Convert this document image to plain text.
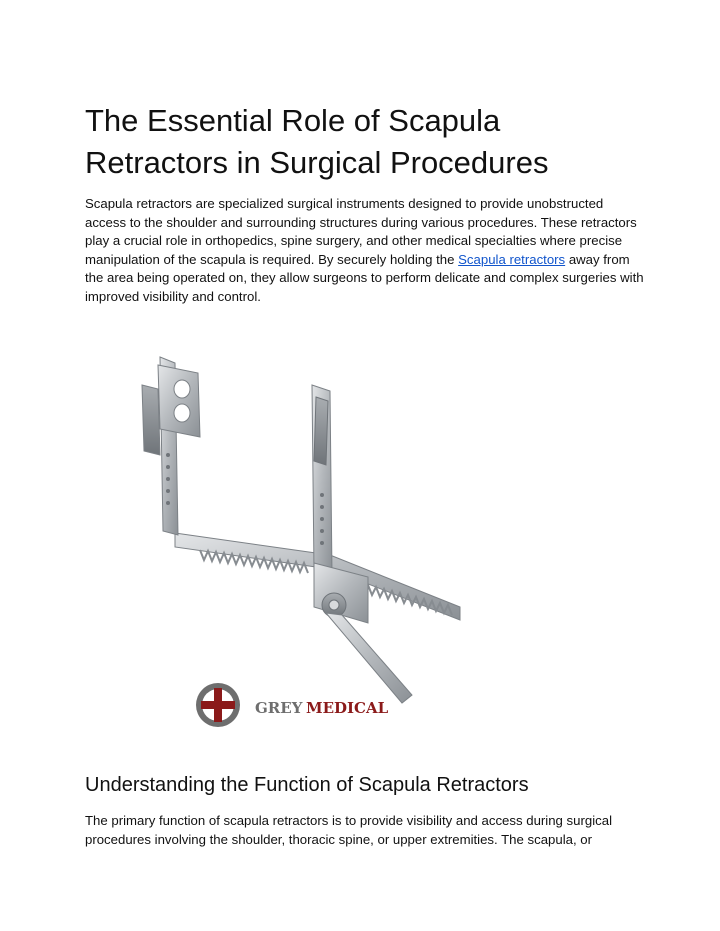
The Essential Role of Scapula Retractors in Surgical Procedures

Scapula retractors are specialized surgical instruments designed to provide unobstructed access to the shoulder and surrounding structures during various procedures. These retractors play a crucial role in orthopedics, spine surgery, and other medical specialties where precise manipulation of the scapula is required. By securely holding the Scapula retractors away from the area being operated on, they allow surgeons to perform delicate and complex surgeries with improved visibility and control.

GREY MEDICAL
Understanding the Function of Scapula Retractors

The primary function of scapula retractors is to provide visibility and access during surgical procedures involving the shoulder, thoracic spine, or upper extremities. The scapula, or
